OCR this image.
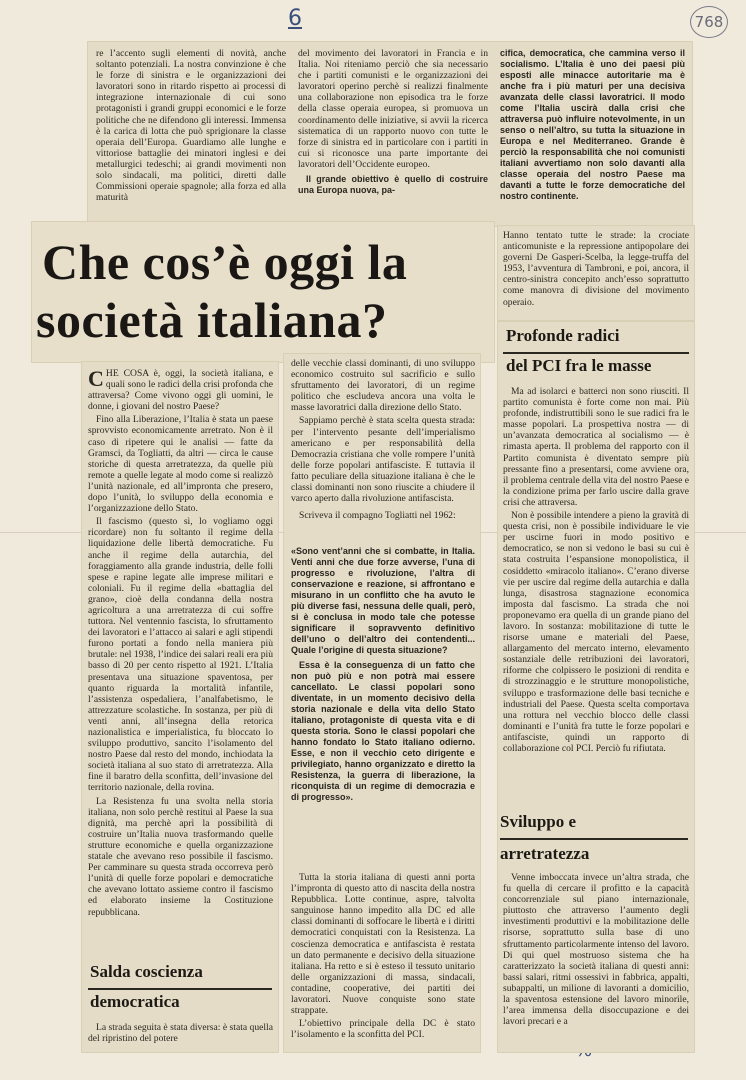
6	768

re l’accento sugli elementi di novità, anche soltanto potenziali. La nostra convinzione è che le forze di sinistra e le organizzazioni dei lavoratori sono in ritardo rispetto ai processi di integrazione internazionale di cui sono protagonisti i grandi gruppi economici e le forze politiche che ne difendono gli interessi. Immensa è la carica di lotta che può sprigionare la classe operaia dell’Europa. Guardiamo alle lunghe e vittoriose battaglie dei minatori inglesi e dei metallurgici tedeschi; ai grandi movimenti non solo sindacali, ma politici, diretti dalle Commissioni operaie spagnole; alla forza ed alla maturità

del movimento dei lavoratori in Francia e in Italia. Noi riteniamo perciò che sia necessario che i partiti comunisti e le organizzazioni dei lavoratori operino perchè si realizzi finalmente una collaborazione non episodica tra le forze della classe operaia europea, si promuova un coordinamento delle iniziative, si avvii la ricerca sistematica di un rapporto nuovo con tutte le forze di sinistra ed in particolare con i partiti in cui si riconosce una parte importante dei lavoratori dell’Occidente europeo.

Il grande obiettivo è quello di costruire una Europa nuova, pa-

cifica, democratica, che cammina verso il socialismo. L’Italia è uno dei paesi più esposti alle minacce autoritarie ma è anche fra i più maturi per una decisiva avanzata delle classi lavoratrici. Il modo come l’Italia uscirà dalla crisi che attraversa può influire notevolmente, in un senso o nell’altro, su tutta la situazione in Europa e nel Mediterraneo. Grande è perciò la responsabilità che noi comunisti italiani avvertiamo non solo davanti alla classe operaia del nostro Paese ma davanti a tutte le forze democratiche del nostro continente.

Che cos’è oggi la
società italiana?

Hanno tentato tutte le strade: la crociate anticomuniste e la repressione antipopolare dei governi De Gasperi-Scelba, la legge-truffa del 1953, l’avventura di Tambroni, e poi, ancora, il centro-sinistra concepito anch’esso soprattutto come manovra di divisione del movimento operaio.

CHE COSA è, oggi, la società italiana, e quali sono le radici della crisi profonda che attraversa? Come vivono oggi gli uomini, le donne, i giovani del nostro Paese?

Fino alla Liberazione, l’Italia è stata un paese sprovvisto economicamente arretrato. Non è il caso di ripetere qui le analisi — fatte da Gramsci, da Togliatti, da altri — circa le cause storiche di questa arretratezza, da quelle più remote a quelle legate al modo come si realizzò l’unità nazionale, ed all’impronta che presero, dopo l’unità, lo sviluppo della economia e l’organizzazione dello Stato.

Il fascismo (questo sì, lo vogliamo oggi ricordare) non fu soltanto il regime della liquidazione delle libertà democratiche. Fu anche il regime della autarchia, del foraggiamento alla grande industria, delle folli spese e rapine legate alle imprese militari e coloniali. Fu il regime della «battaglia del grano», cioè della condanna della nostra agricoltura a una arretratezza di cui soffre tuttora. Nel ventennio fascista, lo sfruttamento dei lavoratori e l’attacco ai salari e agli stipendi furono portati a fondo nella maniera più brutale: nel 1938, l’indice dei salari reali era più basso di 20 per cento rispetto al 1921. L’Italia presentava una situazione spaventosa, per quanto riguarda la mortalità infantile, l’assistenza ospedaliera, l’analfabetismo, le attrezzature scolastiche. In sostanza, per più di venti anni, all’insegna della retorica nazionalistica e imperialistica, fu bloccato lo sviluppo produttivo, sancito l’isolamento del nostro Paese dal resto del mondo, inchiodata la società italiana al suo stato di arretratezza. Alla fine il baratro della sconfitta, dell’invasione del territorio nazionale, della rovina.

La Resistenza fu una svolta nella storia italiana, non solo perchè restituì al Paese la sua dignità, ma perchè aprì la possibilità di costruire un’Italia nuova trasformando quelle strutture economiche e quella organizzazione statale che avevano reso possibile il fascismo. Per camminare su questa strada occorreva però l’unità di quelle forze popolari e democratiche che avevano lottato assieme contro il fascismo ed elaborato insieme la Costituzione repubblicana.

Salda coscienza
democratica

La strada seguita è stata diversa: è stata quella del ripristino del potere

delle vecchie classi dominanti, di uno sviluppo economico costruito sul sacrificio e sullo sfruttamento dei lavoratori, di un regime politico che escludeva ancora una volta le masse lavoratrici dalla direzione dello Stato.

Sappiamo perchè è stata scelta questa strada: per l’intervento pesante dell’imperialismo americano e per responsabilità della Democrazia cristiana che volle rompere l’unità delle forze popolari antifasciste. E tuttavia il fatto peculiare della situazione italiana è che le classi dominanti non sono riuscite a chiudere il varco aperto dalla rivoluzione antifascista.

Scriveva il compagno Togliatti nel 1962:

«Sono vent’anni che si combatte, in Italia. Venti anni che due forze avverse, l’una di progresso e rivoluzione, l’altra di conservazione e reazione, si affrontano e misurano in un conflitto che ha avuto le più diverse fasi, nessuna delle quali, però, si è conclusa in modo tale che potesse significare il sopravvento definitivo dell’uno o dell’altro dei contendenti... Quale l’origine di questa situazione?

Essa è la conseguenza di un fatto che non può più e non potrà mai essere cancellato. Le classi popolari sono diventate, in un momento decisivo della storia nazionale e della vita dello Stato italiano, protagoniste di questa vita e di questa storia. Sono le classi popolari che hanno fondato lo Stato italiano odierno. Esse, e non il vecchio ceto dirigente e privilegiato, hanno organizzato e diretto la Resistenza, la guerra di liberazione, la riconquista di un regime di democrazia e di progresso».

Tutta la storia italiana di questi anni porta l’impronta di questo atto di nascita della nostra Repubblica. Lotte continue, aspre, talvolta sanguinose hanno impedito alla DC ed alle classi dominanti di soffocare le libertà e i diritti democratici conquistati con la Resistenza. La coscienza democratica e antifascista è restata un dato permanente e decisivo della situazione italiana. Ha retto e si è esteso il tessuto unitario delle organizzazioni di massa, sindacali, contadine, cooperative, dei partiti dei lavoratori. Nuove conquiste sono state strappate.

L’obiettivo principale della DC è stato l’isolamento e la sconfitta del PCI.

Profonde radici
del PCI fra le masse

Ma ad isolarci e batterci non sono riusciti. Il partito comunista è forte come non mai. Più profonde, indistruttibili sono le sue radici fra le masse popolari. La prospettiva nostra — di un’avanzata democratica al socialismo — è rimasta aperta. Il problema del rapporto con il Partito comunista è diventato sempre più pressante fino a presentarsi, come avviene ora, il problema centrale della vita del nostro Paese e la condizione prima per farlo uscire dalla grave crisi che attraversa.

Non è possibile intendere a pieno la gravità di questa crisi, non è possibile individuare le vie per uscirne fuori in modo positivo e democratico, se non si vedono le basi su cui è stata costruita l’espansione monopolistica, il cosiddetto «miracolo italiano». C’erano diverse vie per uscire dal regime della autarchia e dalla lunga, disastrosa stagnazione economica imposta dal fascismo. La strada che noi proponevamo era quella di un grande piano del lavoro. In sostanza: mobilitazione di tutte le risorse umane e materiali del Paese, allargamento del mercato interno, elevamento sostanziale delle retribuzioni dei lavoratori, riforme che colpissero le posizioni di rendita e di strozzinaggio e le strutture monopolistiche, sviluppo e trasformazione delle basi tecniche e industriali del Paese. Questa scelta comportava una rottura nel vecchio blocco delle classi dominanti e l’unità fra tutte le forze popolari e antifasciste, quindi un rapporto di collaborazione col PCI. Perciò fu rifiutata.

Sviluppo e
arretratezza

Venne imboccata invece un’altra strada, che fu quella di cercare il profitto e la capacità concorrenziale sul piano internazionale, piuttosto che attraverso l’aumento degli investimenti produttivi e la mobilitazione delle risorse, soprattutto sulla base di uno sfruttamento particolarmente intenso del lavoro. Di qui quel mostruoso sistema che ha caratterizzato la società italiana di questi anni: bassi salari, ritmi ossessivi in fabbrica, appalti, subappalti, un milione di lavoranti a domicilio, la spaventosa estensione del lavoro minorile, l’area immensa della disoccupazione e dei lavori precari e a
